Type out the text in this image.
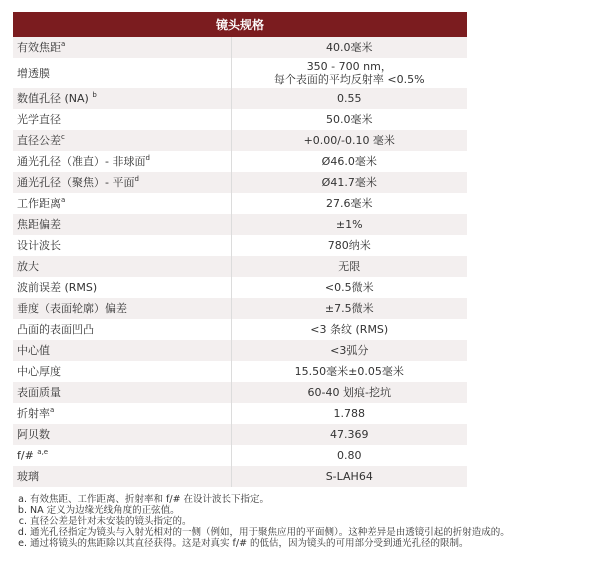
镜头规格	
有效焦距$^a$	40.0毫米

增透膜	350 - 700 nm，
每个表面的平均反射率 <0.5%

数值孔径 (NA) $^b$	0.55

光学直径	50.0毫米

直径公差$^c$	+0.00/-0.10 毫米

通光孔径（准直）- 非球面$^d$	Ø46.0毫米

通光孔径（聚焦）- 平面$^d$	Ø41.7毫米

工作距离$^a$	27.6毫米

焦距偏差	±1%

设计波长	780纳米

放大	无限

波前误差 (RMS)	<0.5微米

垂度（表面轮廓）偏差	±7.5微米

凸面的表面凹凸	<3 条纹 (RMS)

中心值	<3弧分

中心厚度	15.50毫米±0.05毫米

表面质量	60-40 划痕-挖坑

折射率$^a$	1.788

阿贝数	47.369

f/# $^{a,e}$	0.80

玻璃	S-LAH64
a. 有效焦距、工作距离、折射率和 f/# 在设计波长下指定。
b. NA 定义为边缘光线角度的正弦值。
c. 直径公差是针对未安装的镜头指定的。
d. 通光孔径指定为镜头与入射光相对的一侧（例如，用于聚焦应用的平面侧）。这种差异是由透镜引起的折射造成的。
e. 通过将镜头的焦距除以其直径获得。这是对真实 f/# 的低估，因为镜头的可用部分受到通光孔径的限制。
